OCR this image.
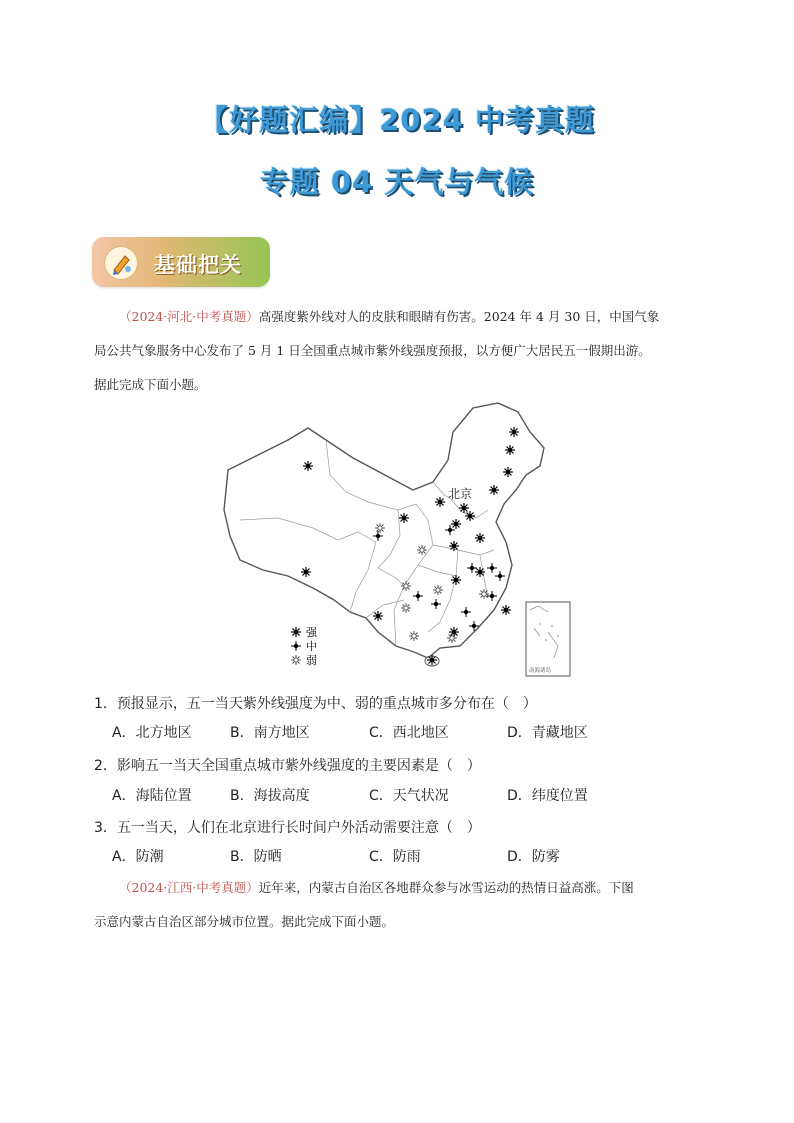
【好题汇编】2024 中考真题
专题 04 天气与气候
基础把关
（2024·河北·中考真题）高强度紫外线对人的皮肤和眼睛有伤害。2024 年 4 月 30 日，中国气象
局公共气象服务中心发布了 5 月 1 日全国重点城市紫外线强度预报，以方便广大居民五一假期出游。
据此完成下面小题。
北京
强
中
弱
南海诸岛
1．预报显示，五一当天紫外线强度为中、弱的重点城市多分布在（　）
A．北方地区	B．南方地区	C．西北地区	D．青藏地区
2．影响五一当天全国重点城市紫外线强度的主要因素是（　）
A．海陆位置	B．海拔高度	C．天气状况	D．纬度位置
3．五一当天，人们在北京进行长时间户外活动需要注意（　）
A．防潮	B．防晒	C．防雨	D．防雾
（2024·江西·中考真题）近年来，内蒙古自治区各地群众参与冰雪运动的热情日益高涨。下图
示意内蒙古自治区部分城市位置。据此完成下面小题。
